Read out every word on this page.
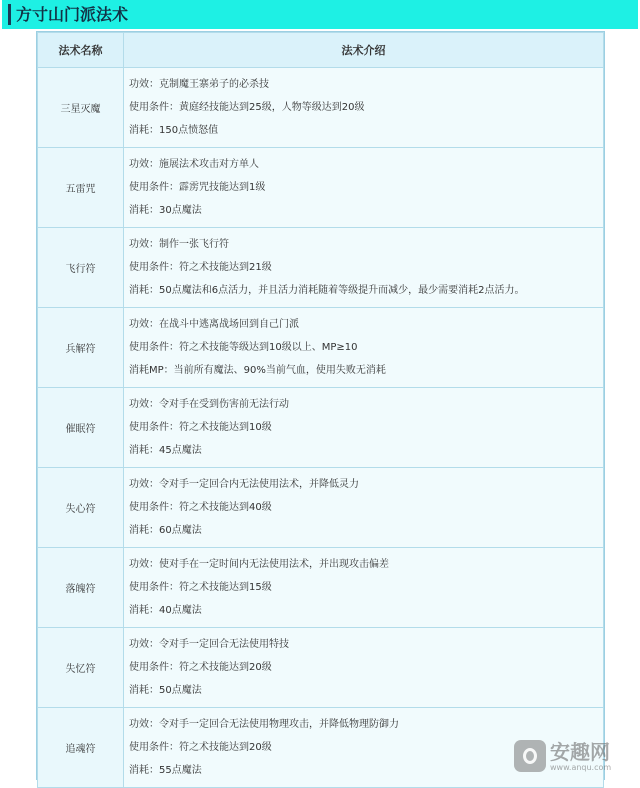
方寸山门派法术
法术名称	法术介绍
三星灭魔	功效：克制魔王寨弟子的必杀技
使用条件：黄庭经技能达到25级，人物等级达到20级
消耗：150点愤怒值

五雷咒	功效：施展法术攻击对方单人
使用条件：霹雳咒技能达到1级
消耗：30点魔法

飞行符	功效：制作一张飞行符
使用条件：符之术技能达到21级
消耗：50点魔法和6点活力，并且活力消耗随着等级提升而减少，最少需要消耗2点活力。

兵解符	功效：在战斗中逃离战场回到自己门派
使用条件：符之术技能等级达到10级以上、MP≥10
消耗MP：当前所有魔法、90%当前气血，使用失败无消耗

催眠符	功效：令对手在受到伤害前无法行动
使用条件：符之术技能达到10级
消耗：45点魔法

失心符	功效：令对手一定回合内无法使用法术，并降低灵力
使用条件：符之术技能达到40级
消耗：60点魔法

落魄符	功效：使对手在一定时间内无法使用法术，并出现攻击偏差
使用条件：符之术技能达到15级
消耗：40点魔法

失忆符	功效：令对手一定回合无法使用特技
使用条件：符之术技能达到20级
消耗：50点魔法

追魂符	功效：令对手一定回合无法使用物理攻击，并降低物理防御力
使用条件：符之术技能达到20级
消耗：55点魔法
安趣网
www.anqu.com
